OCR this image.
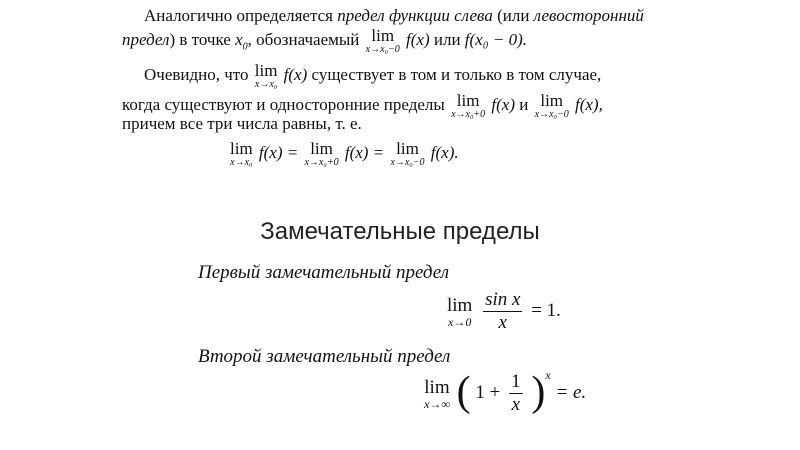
Аналогично определяется предел функции слева (или левосторонний
предел) в точке $x_0$, обозначаемый lim
x→x₀−0
f(x) или f(x₀ − 0).
Очевидно, что lim
x→x₀
f(x) существует в том и только в том случае,
когда существуют и односторонние пределы lim
x→x₀+0
f(x) и lim
x→x₀−0
f(x),
причем все три числа равны, т. е.
lim
x→x₀
f(x) = lim
x→x₀+0
f(x) = lim
x→x₀−0
f(x).
Замечательные пределы
Первый замечательный предел
lim
x→0
$\frac{\text{sin x}}{x} = 1$.
Второй замечательный предел
lim
x→∞ ( $1 + \frac{1}{x} )^x = e$.
